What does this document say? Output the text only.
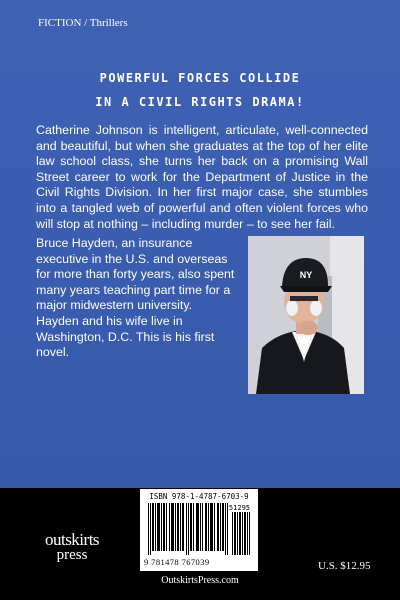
FICTION / Thrillers
POWERFUL FORCES COLLIDE
IN A CIVIL RIGHTS DRAMA!
Catherine Johnson is intelligent, articulate, well-connected and beautiful, but when she graduates at the top of her elite law school class, she turns her back on a promising Wall Street career to work for the Department of Justice in the Civil Rights Division. In her first major case, she stumbles into a tangled web of powerful and often violent forces who will stop at nothing – including murder – to see her fail.
Bruce Hayden, an insurance executive in the U.S. and overseas for more than forty years, also spent many years teaching part time for a major midwestern university. Hayden and his wife live in Washington, D.C. This is his first novel.
NY
ISBN 978-1-4787-6703-9
51295
9 781478 767039
outskirts
press
U.S. $12.95
OutskirtsPress.com
